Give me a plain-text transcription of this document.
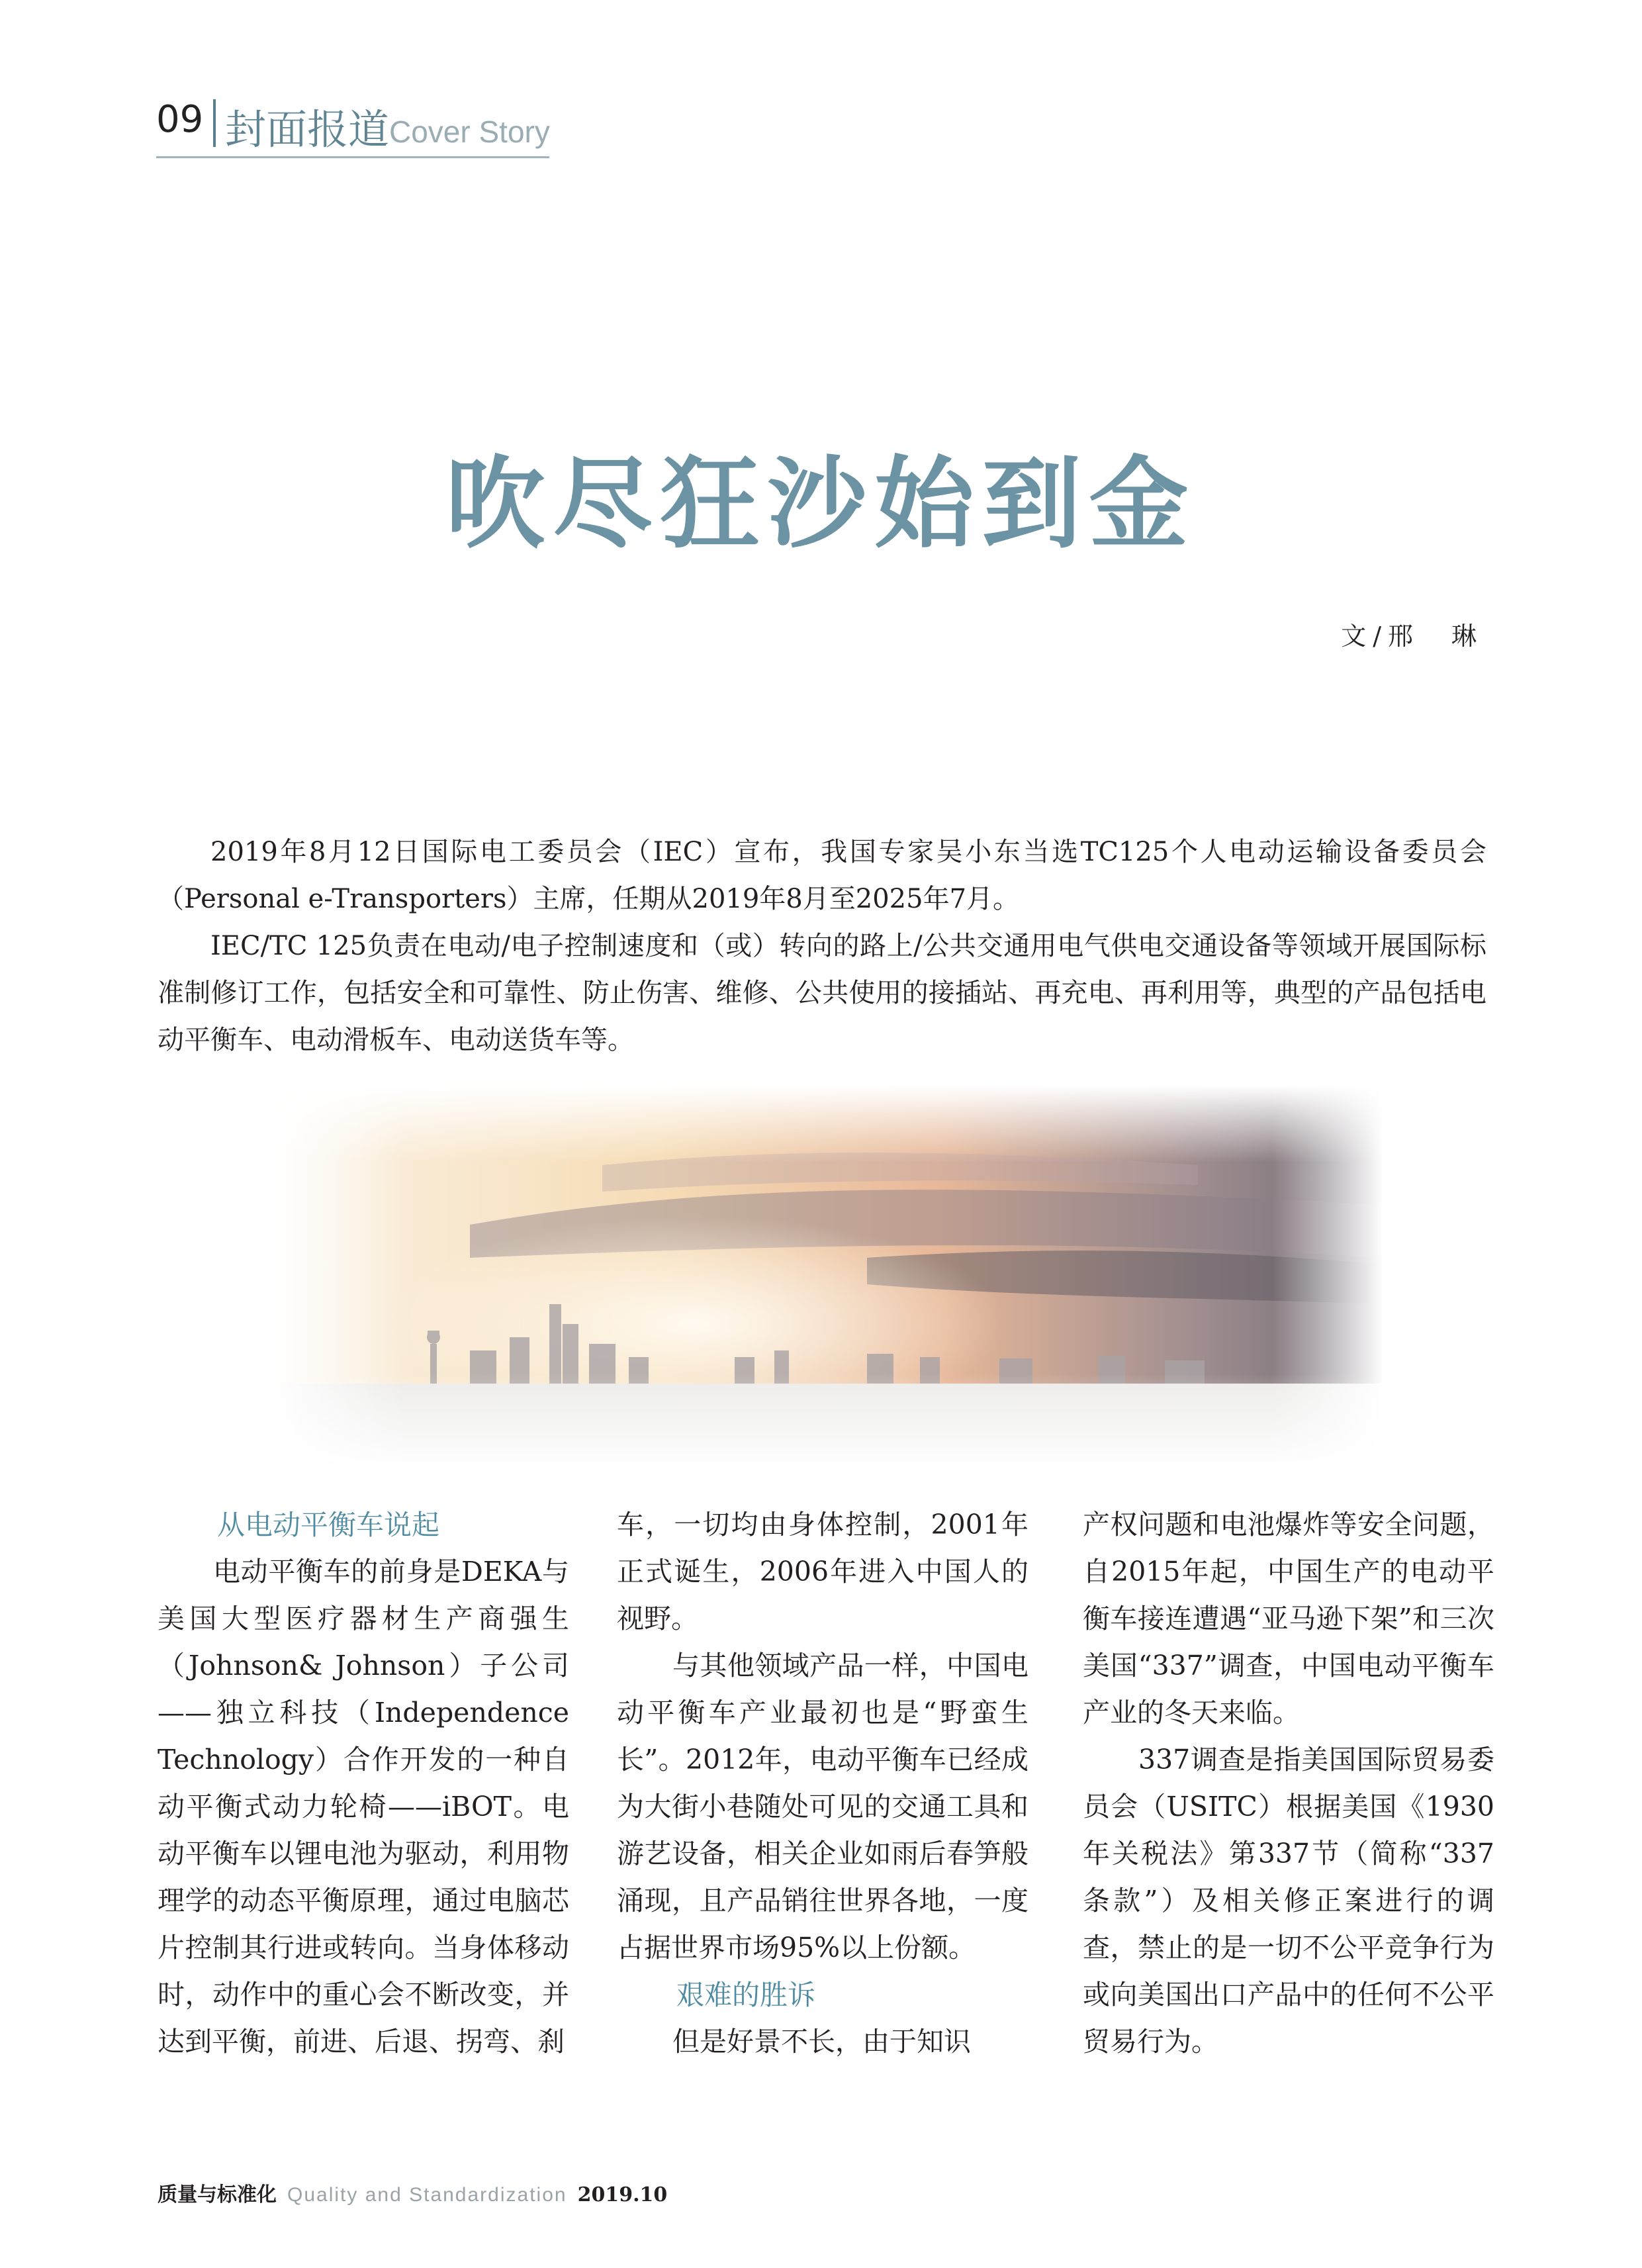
09 封面报道 Cover Story
吹尽狂沙始到金
文/邢　琳

2019年8月12日国际电工委员会（IEC）宣布，我国专家吴小东当选TC125个人电动运输设备委员会（Personal e-Transporters）主席，任期从2019年8月至2025年7月。

IEC/TC 125负责在电动/电子控制速度和（或）转向的路上/公共交通用电气供电交通设备等领域开展国际标准制修订工作，包括安全和可靠性、防止伤害、维修、公共使用的接插站、再充电、再利用等，典型的产品包括电动平衡车、电动滑板车、电动送货车等。

从电动平衡车说起

电动平衡车的前身是DEKA与美国大型医疗器材生产商强生（Johnson& Johnson）子公司——独立科技（Independence Technology）合作开发的一种自动平衡式动力轮椅——iBOT。电动平衡车以锂电池为驱动，利用物理学的动态平衡原理，通过电脑芯片控制其行进或转向。当身体移动时，动作中的重心会不断改变，并达到平衡，前进、后退、拐弯、刹

车，一切均由身体控制，2001年正式诞生，2006年进入中国人的视野。

与其他领域产品一样，中国电动平衡车产业最初也是“野蛮生长”。2012年，电动平衡车已经成为大街小巷随处可见的交通工具和游艺设备，相关企业如雨后春笋般涌现，且产品销往世界各地，一度占据世界市场95%以上份额。

艰难的胜诉

但是好景不长，由于知识

产权问题和电池爆炸等安全问题，自2015年起，中国生产的电动平衡车接连遭遇“亚马逊下架”和三次美国“337”调查，中国电动平衡车产业的冬天来临。

337调查是指美国国际贸易委员会（USITC）根据美国《1930年关税法》第337节（简称“337条款”）及相关修正案进行的调查，禁止的是一切不公平竞争行为或向美国出口产品中的任何不公平贸易行为。

质量与标准化 Quality and Standardization 2019.10
